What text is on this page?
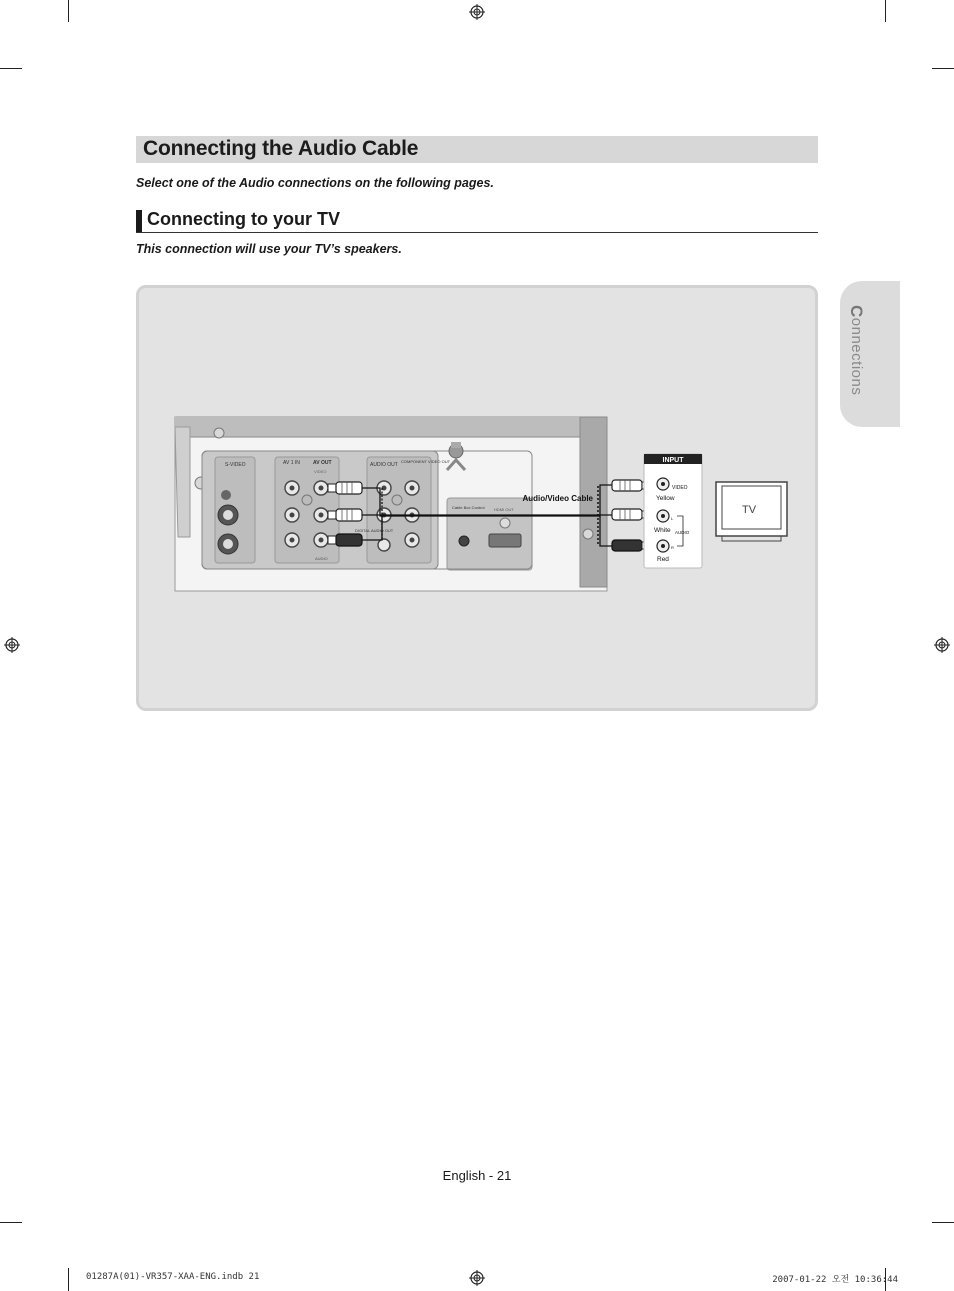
Connecting the Audio Cable
Select one of the Audio connections on the following pages.
Connecting to your TV
This connection will use your TV’s speakers.
S-VIDEO	AV 1 IN	AV OUT
VIDEO
AUDIO OUT
COMPONENT VIDEO OUT
DIGITAL AUDIO OUT
Cable Box Control HDMI OUT
AUDIO
Audio/Video Cable
INPUT
VIDEO
Yellow
L
White AUDIO
R
Red
TV
Connections
English - 21
01287A(01)-VR357-XAA-ENG.indb 21	2007-01-22 오전 10:36:44
